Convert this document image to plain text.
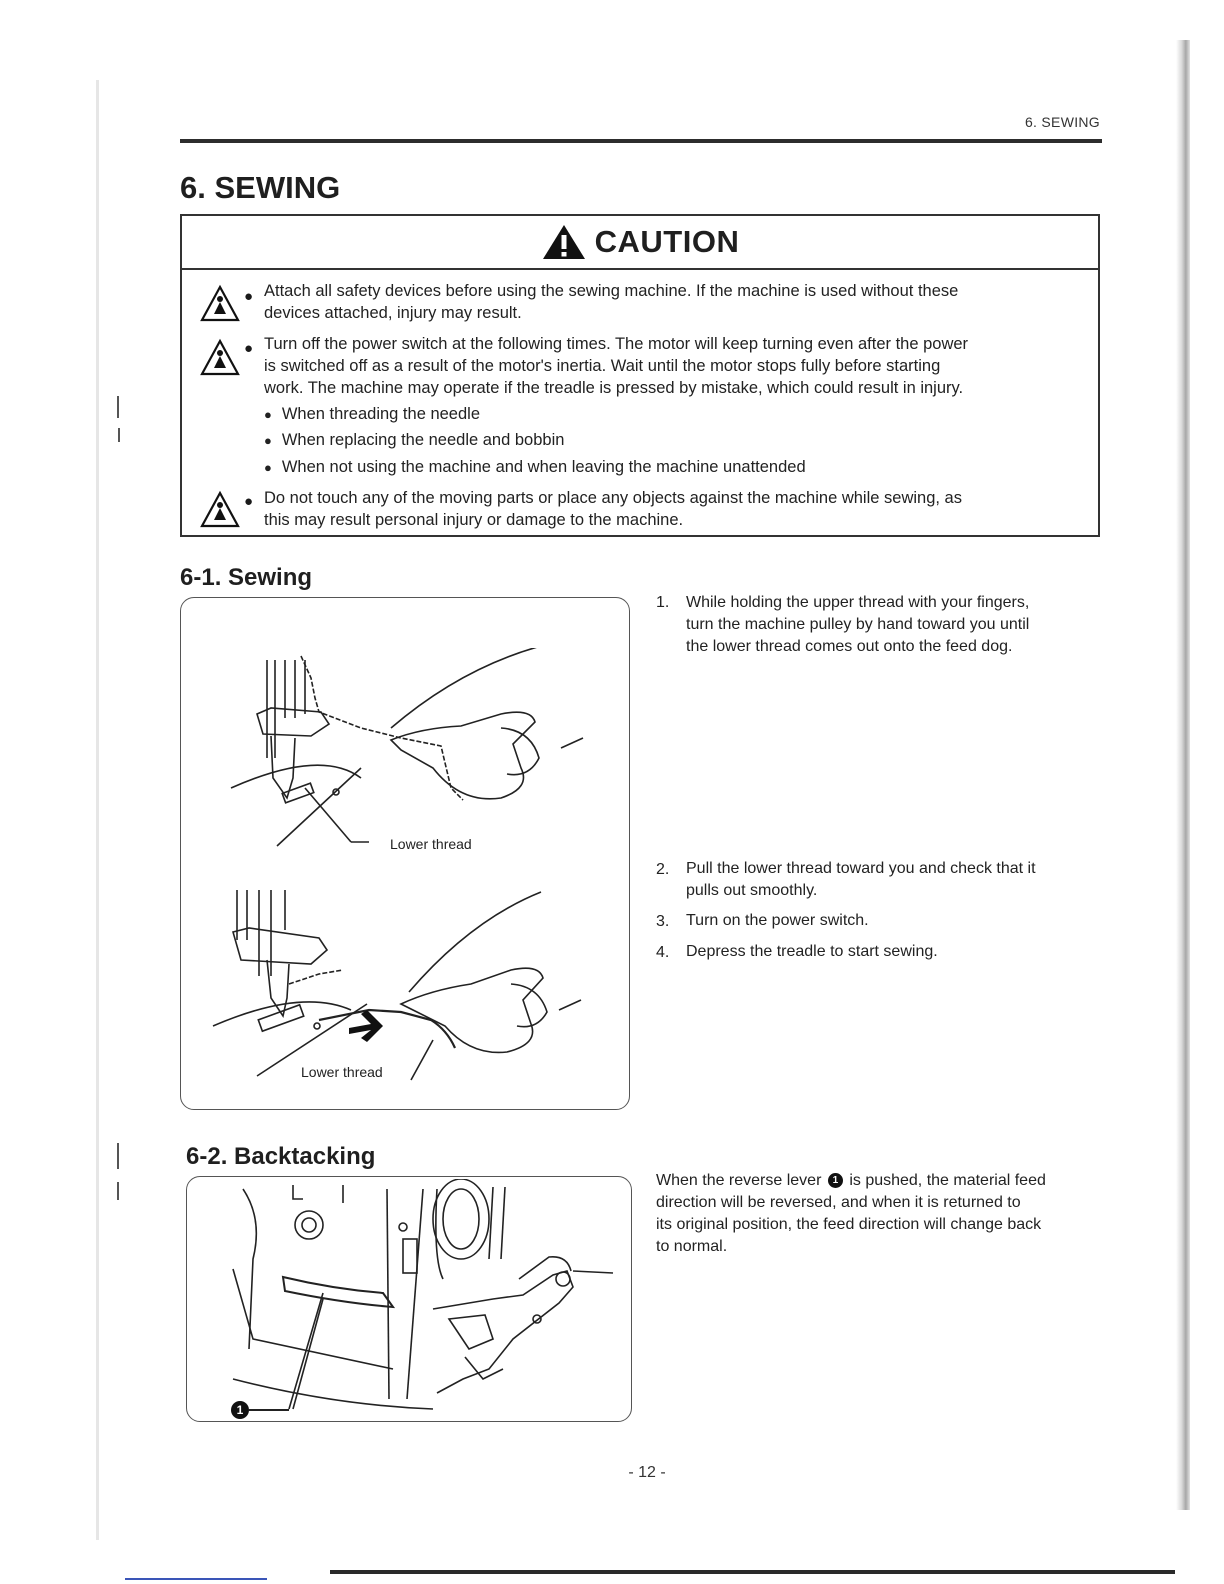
6. SEWING
6. SEWING
CAUTION
● Attach all safety devices before using the sewing machine. If the machine is used without these
devices attached, injury may result.
● Turn off the power switch at the following times. The motor will keep turning even after the power
is switched off as a result of the motor's inertia. Wait until the motor stops fully before starting
work. The machine may operate if the treadle is pressed by mistake, which could result in injury.
● When threading the needle
● When replacing the needle and bobbin
● When not using the machine and when leaving the machine unattended
● Do not touch any of the moving parts or place any objects against the machine while sewing, as
this may result personal injury or damage to the machine.
6-1. Sewing
Lower thread
Lower thread
1. While holding the upper thread with your fingers,
turn the machine pulley by hand toward you until
the lower thread comes out onto the feed dog.
2. Pull the lower thread toward you and check that it
pulls out smoothly.
3. Turn on the power switch.
4. Depress the treadle to start sewing.
6-2. Backtacking
1
When the reverse lever 1 is pushed, the material feed
direction will be reversed, and when it is returned to
its original position, the feed direction will change back
to normal.
- 12 -
